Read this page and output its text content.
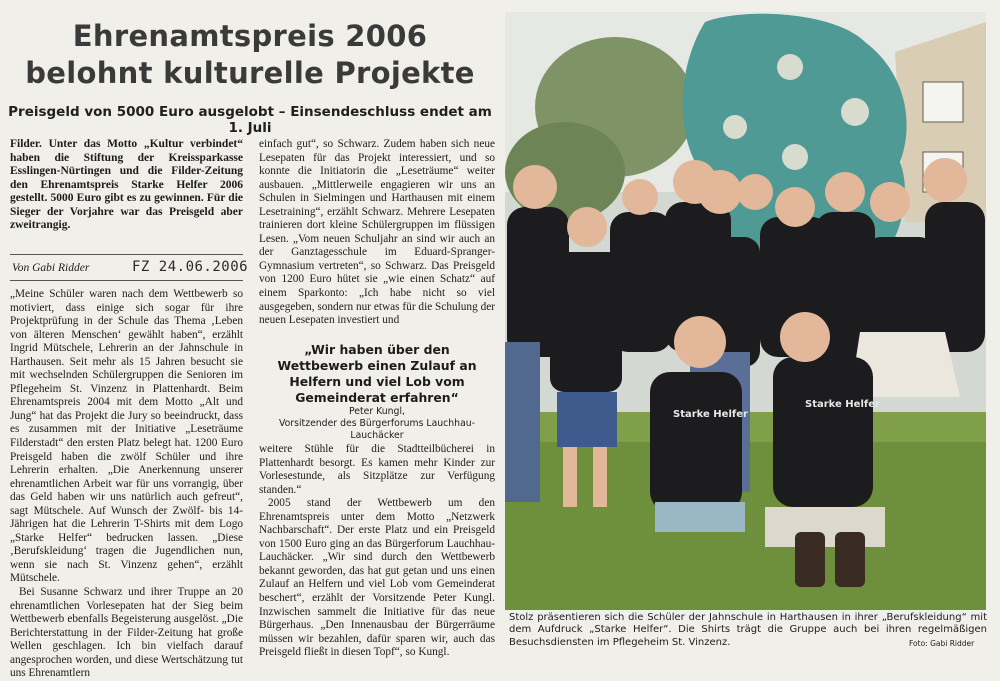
Ehrenamtspreis 2006
belohnt kulturelle Projekte
Preisgeld von 5000 Euro ausgelobt – Einsendeschluss endet am 1. Juli
Filder. Unter das Motto „Kultur verbindet“ haben die Stiftung der Kreissparkasse Esslingen-Nürtingen und die Filder-Zeitung den Ehrenamtspreis Starke Helfer 2006 gestellt. 5000 Euro gibt es zu gewinnen. Für die Sieger der Vorjahre war das Preisgeld aber zweitrangig.
Von Gabi Ridder	FZ 24.06.2006

„Meine Schüler waren nach dem Wettbewerb so motiviert, dass einige sich sogar für ihre Projektprüfung in der Schule das Thema ‚Leben von älteren Menschen‘ gewählt haben“, erzählt Ingrid Mütschele, Lehrerin an der Jahnschule in Harthausen. Seit mehr als 15 Jahren besucht sie mit wechselnden Schülergruppen die Senioren im Pflegeheim St. Vinzenz in Plattenhardt. Beim Ehrenamtspreis 2004 mit dem Motto „Alt und Jung“ hat das Projekt die Jury so beeindruckt, dass es zusammen mit der Initiative „Leseträume Filderstadt“ den ersten Platz belegt hat. 1200 Euro Preisgeld haben die zwölf Schüler und ihre Lehrerin erhalten. „Die Anerkennung unserer ehrenamtlichen Arbeit war für uns vorrangig, über das Geld haben wir uns natürlich auch gefreut“, sagt Mütschele. Auf Wunsch der Zwölf- bis 14-Jährigen hat die Lehrerin T-Shirts mit dem Logo „Starke Helfer“ bedrucken lassen. „Diese ‚Berufskleidung‘ tragen die Jugendlichen nun, wenn sie nach St. Vinzenz gehen“, erzählt Mütschele.

Bei Susanne Schwarz und ihrer Truppe an 20 ehrenamtlichen Vorlesepaten hat der Sieg beim Wettbewerb ebenfalls Begeisterung ausgelöst. „Die Berichterstattung in der Filder-Zeitung hat große Wellen geschlagen. Ich bin vielfach darauf angesprochen worden, und diese Wertschätzung tut uns Ehrenamtlern

einfach gut“, so Schwarz. Zudem haben sich neue Lesepaten für das Projekt interessiert, und so konnte die Initiatorin die „Leseträume“ weiter ausbauen. „Mittlerweile engagieren wir uns an Schulen in Sielmingen und Harthausen mit einem Lesetraining“, erzählt Schwarz. Mehrere Lesepaten trainieren dort kleine Schülergruppen im flüssigen Lesen. „Vom neuen Schuljahr an sind wir auch an der Ganztagesschule im Eduard-Spranger-Gymnasium vertreten“, so Schwarz. Das Preisgeld von 1200 Euro hütet sie „wie einen Schatz“ auf einem Sparkonto: „Ich habe nicht so viel ausgegeben, sondern nur etwas für die Schulung der neuen Lesepaten investiert und

„Wir haben über den Wettbewerb einen Zulauf an Helfern und viel Lob vom Gemeinderat erfahren“
Peter Kungl,
Vorsitzender des Bürgerforums Lauchhau-Lauchäcker

weitere Stühle für die Stadtteilbücherei in Plattenhardt besorgt. Es kamen mehr Kinder zur Vorlesestunde, als Sitzplätze zur Verfügung standen.“

2005 stand der Wettbewerb um den Ehrenamtspreis unter dem Motto „Netzwerk Nachbarschaft“. Der erste Platz und ein Preisgeld von 1500 Euro ging an das Bürgerforum Lauchhau-Lauchäcker. „Wir sind durch den Wettbewerb bekannt geworden, das hat gut getan und uns einen Zulauf an Helfern und viel Lob vom Gemeinderat beschert“, erzählt der Vorsitzende Peter Kungl. Inzwischen sammelt die Initiative für das neue Bürgerhaus. „Den Innenausbau der Bürgerräume müssen wir bezahlen, dafür sparen wir, auch das Preisgeld fließt in diesen Topf“, so Kungl.

Starke Helfer
Starke Helfer
Stolz präsentieren sich die Schüler der Jahnschule in Harthausen in ihrer „Berufskleidung“ mit dem Aufdruck „Starke Helfer“. Die Shirts trägt die Gruppe auch bei ihren regelmäßigen Besuchsdiensten im Pflegeheim St. Vinzenz.	Foto: Gabi Ridder
